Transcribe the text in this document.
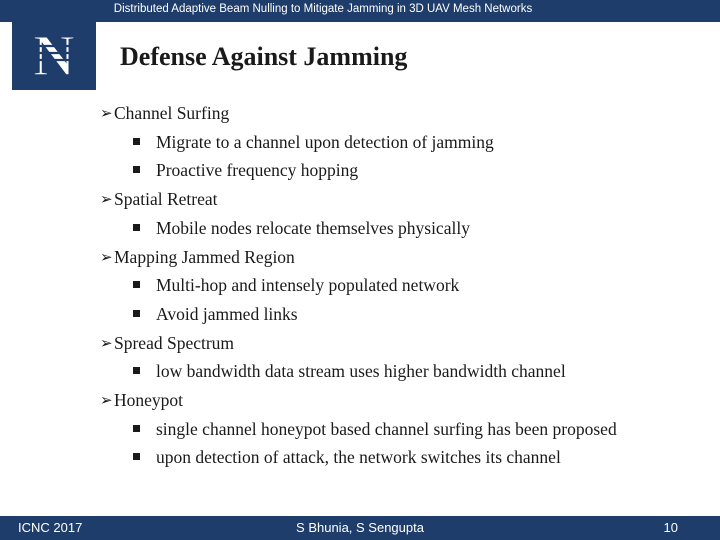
Distributed Adaptive Beam Nulling to Mitigate Jamming in 3D UAV Mesh Networks
N Defense Against Jamming
➢ Channel Surfing
Migrate to a channel upon detection of jamming
Proactive frequency hopping
➢ Spatial Retreat
Mobile nodes relocate themselves physically
➢ Mapping Jammed Region
Multi-hop and intensely populated network
Avoid jammed links
➢ Spread Spectrum
low bandwidth data stream uses higher bandwidth channel
➢ Honeypot
single channel honeypot based channel surfing has been proposed
upon detection of attack, the network switches its channel
ICNC 2017	S Bhunia, S Sengupta	10
